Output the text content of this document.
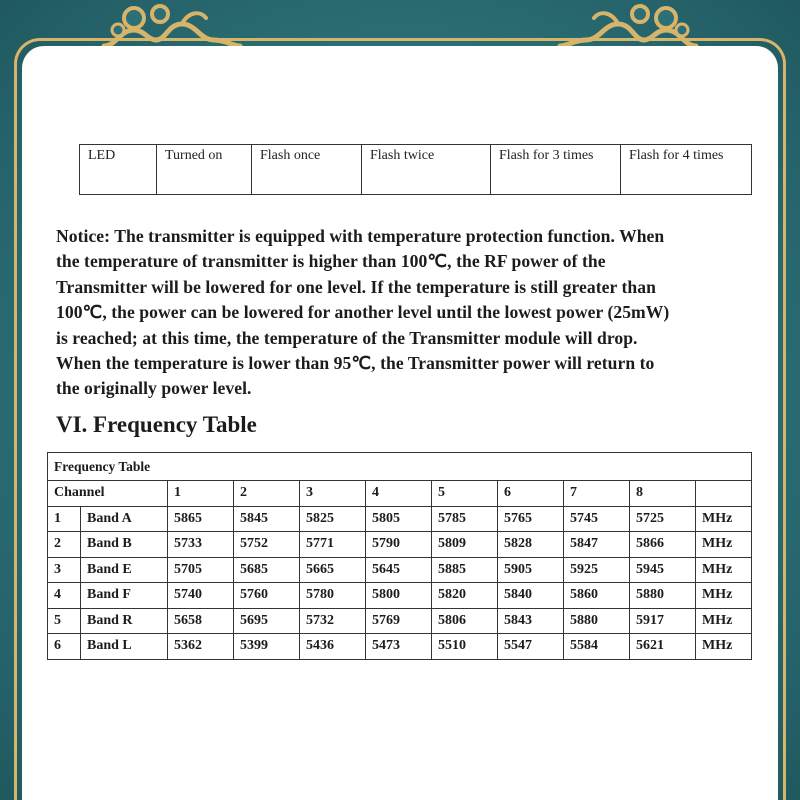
LED	Turned on	Flash once	Flash twice	Flash for 3 times	Flash for 4 times

Notice: The transmitter is equipped with temperature protection function. When
the temperature of transmitter is higher than 100℃, the RF power of the
Transmitter will be lowered for one level. If the temperature is still greater than
100℃, the power can be lowered for another level until the lowest power (25mW)
is reached; at this time, the temperature of the Transmitter module will drop.
When the temperature is lower than 95℃, the Transmitter power will return to
the originally power level.

VI. Frequency Table
Frequency Table										
Channel		1	2	3	4	5	6	7	8	
1	Band A	5865	5845	5825	5805	5785	5765	5745	5725	MHz
2	Band B	5733	5752	5771	5790	5809	5828	5847	5866	MHz
3	Band E	5705	5685	5665	5645	5885	5905	5925	5945	MHz
4	Band F	5740	5760	5780	5800	5820	5840	5860	5880	MHz
5	Band R	5658	5695	5732	5769	5806	5843	5880	5917	MHz
6	Band L	5362	5399	5436	5473	5510	5547	5584	5621	MHz
